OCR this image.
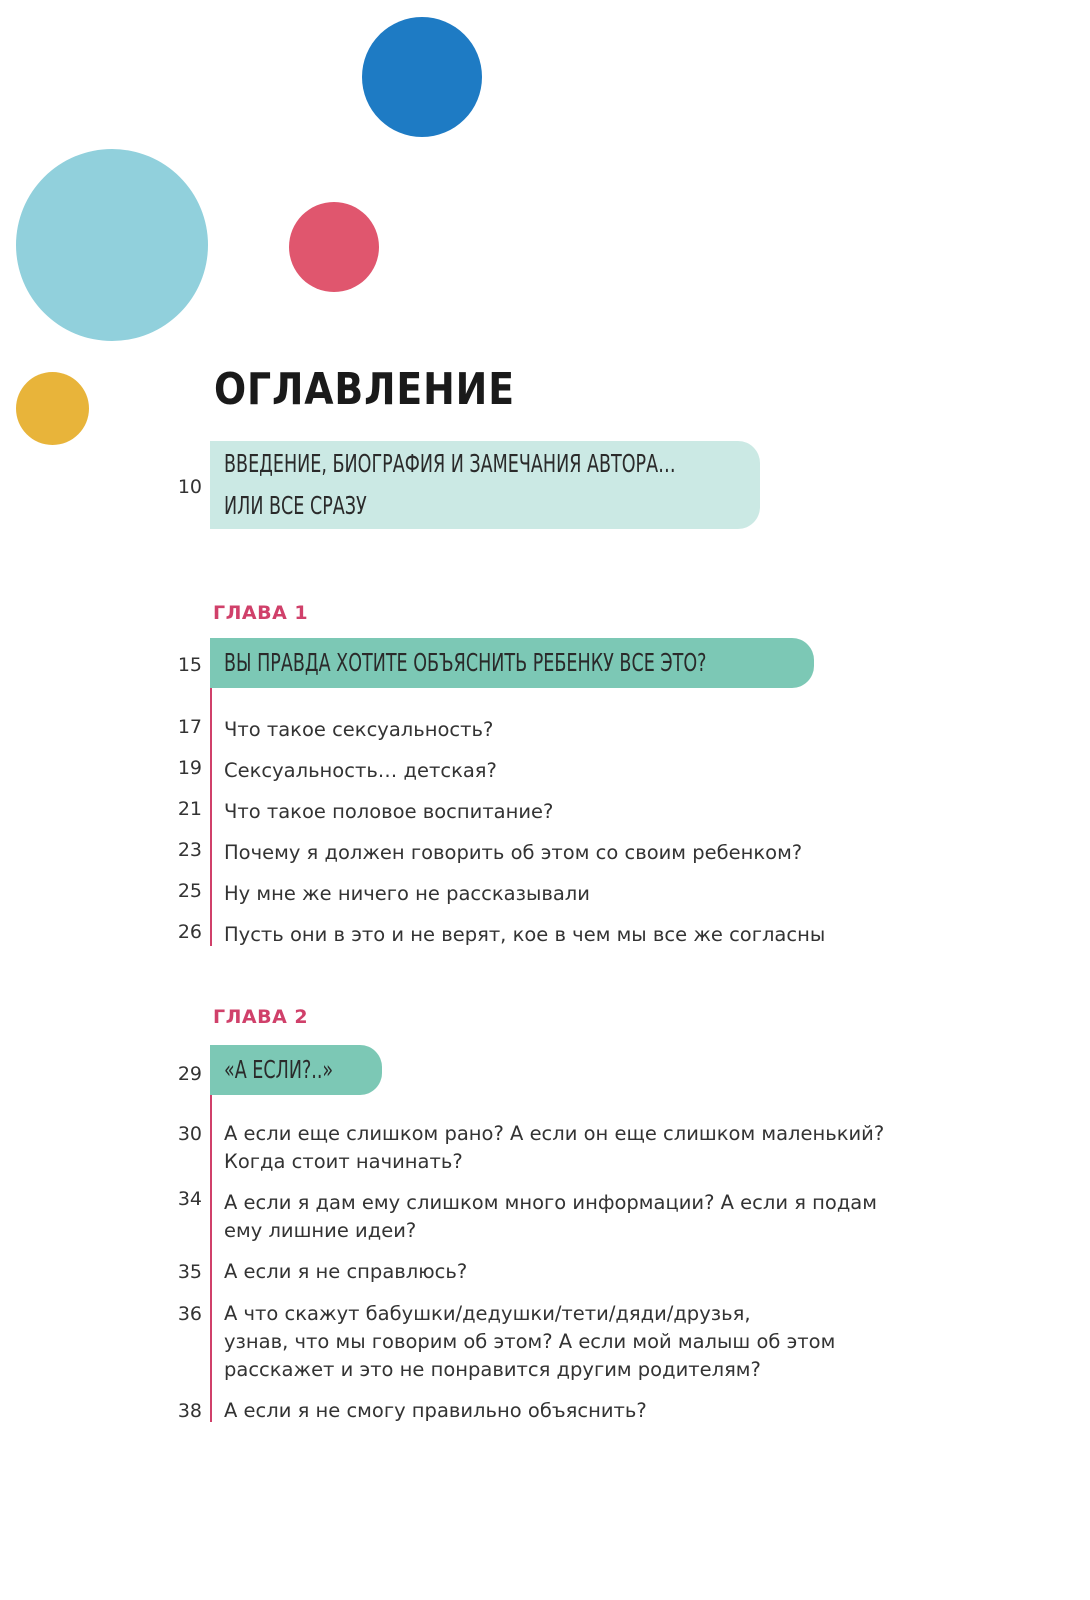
ОГЛАВЛЕНИЕ
10
ВВЕДЕНИЕ, БИОГРАФИЯ И ЗАМЕЧАНИЯ АВТОРА…
ИЛИ ВСЕ СРАЗУ
ГЛАВА 1
15 ВЫ ПРАВДА ХОТИТЕ ОБЪЯСНИТЬ РЕБЕНКУ ВСЕ ЭТО?
17 Что такое сексуальность?
19 Сексуальность… детская?
21 Что такое половое воспитание?
23 Почему я должен говорить об этом со своим ребенком?
25 Ну мне же ничего не рассказывали
26 Пусть они в это и не верят, кое в чем мы все же согласны
ГЛАВА 2
29 «А ЕСЛИ?..»
30 А если еще слишком рано? А если он еще слишком маленький?
Когда стоит начинать?
34 А если я дам ему слишком много информации? А если я подам
ему лишние идеи?
35 А если я не справлюсь?
36 А что скажут бабушки/дедушки/тети/дяди/друзья,
узнав, что мы говорим об этом? А если мой малыш об этом
расскажет и это не понравится другим родителям?
38 А если я не смогу правильно объяснить?
